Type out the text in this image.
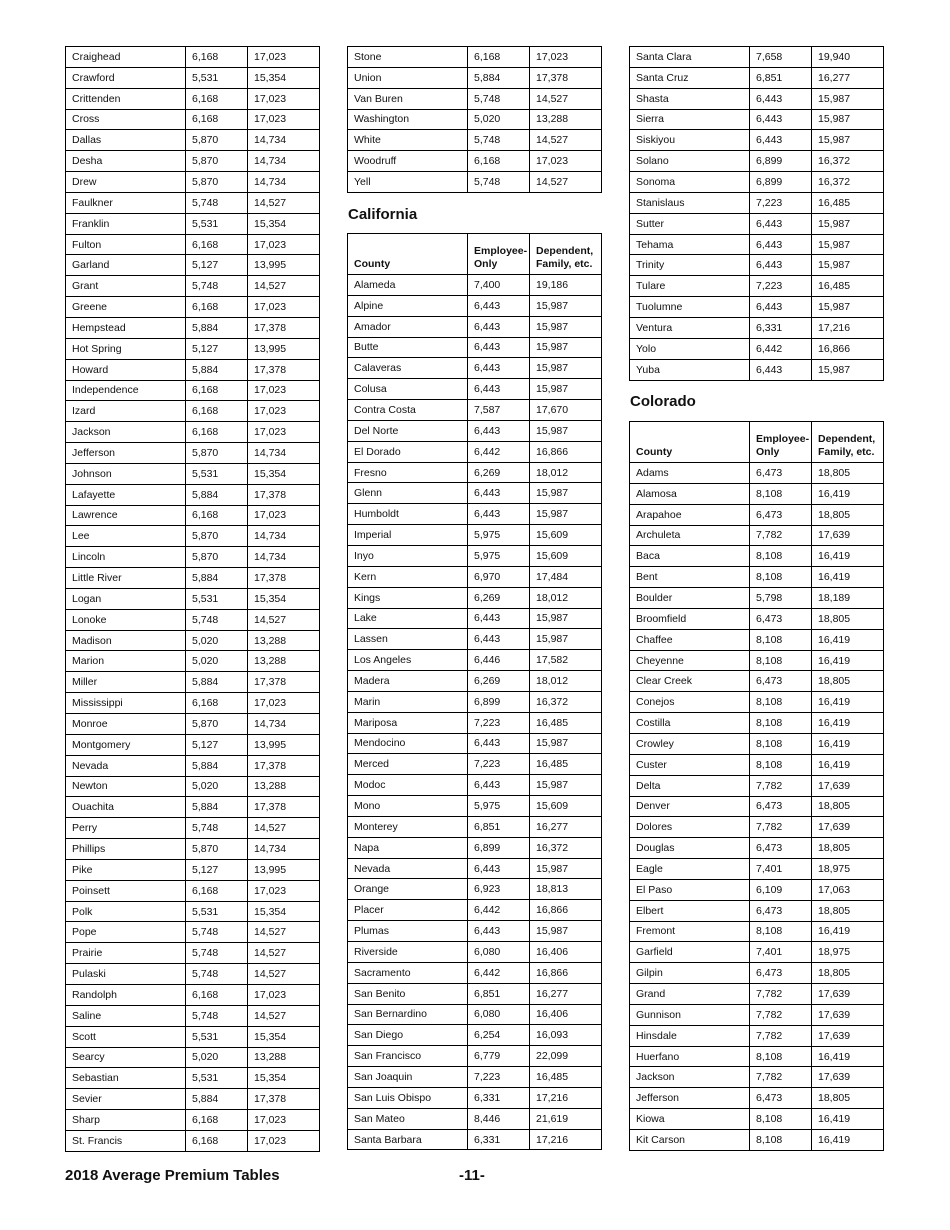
Craighead	6,168	17,023
Crawford	5,531	15,354
Crittenden	6,168	17,023
Cross	6,168	17,023
Dallas	5,870	14,734
Desha	5,870	14,734
Drew	5,870	14,734
Faulkner	5,748	14,527
Franklin	5,531	15,354
Fulton	6,168	17,023
Garland	5,127	13,995
Grant	5,748	14,527
Greene	6,168	17,023
Hempstead	5,884	17,378
Hot Spring	5,127	13,995
Howard	5,884	17,378
Independence	6,168	17,023
Izard	6,168	17,023
Jackson	6,168	17,023
Jefferson	5,870	14,734
Johnson	5,531	15,354
Lafayette	5,884	17,378
Lawrence	6,168	17,023
Lee	5,870	14,734
Lincoln	5,870	14,734
Little River	5,884	17,378
Logan	5,531	15,354
Lonoke	5,748	14,527
Madison	5,020	13,288
Marion	5,020	13,288
Miller	5,884	17,378
Mississippi	6,168	17,023
Monroe	5,870	14,734
Montgomery	5,127	13,995
Nevada	5,884	17,378
Newton	5,020	13,288
Ouachita	5,884	17,378
Perry	5,748	14,527
Phillips	5,870	14,734
Pike	5,127	13,995
Poinsett	6,168	17,023
Polk	5,531	15,354
Pope	5,748	14,527
Prairie	5,748	14,527
Pulaski	5,748	14,527
Randolph	6,168	17,023
Saline	5,748	14,527
Scott	5,531	15,354
Searcy	5,020	13,288
Sebastian	5,531	15,354
Sevier	5,884	17,378
Sharp	6,168	17,023
St. Francis	6,168	17,023
Stone	6,168	17,023
Union	5,884	17,378
Van Buren	5,748	14,527
Washington	5,020	13,288
White	5,748	14,527
Woodruff	6,168	17,023
Yell	5,748	14,527
California
County	Employee-Only	Dependent, Family, etc.
Alameda	7,400	19,186
Alpine	6,443	15,987
Amador	6,443	15,987
Butte	6,443	15,987
Calaveras	6,443	15,987
Colusa	6,443	15,987
Contra Costa	7,587	17,670
Del Norte	6,443	15,987
El Dorado	6,442	16,866
Fresno	6,269	18,012
Glenn	6,443	15,987
Humboldt	6,443	15,987
Imperial	5,975	15,609
Inyo	5,975	15,609
Kern	6,970	17,484
Kings	6,269	18,012
Lake	6,443	15,987
Lassen	6,443	15,987
Los Angeles	6,446	17,582
Madera	6,269	18,012
Marin	6,899	16,372
Mariposa	7,223	16,485
Mendocino	6,443	15,987
Merced	7,223	16,485
Modoc	6,443	15,987
Mono	5,975	15,609
Monterey	6,851	16,277
Napa	6,899	16,372
Nevada	6,443	15,987
Orange	6,923	18,813
Placer	6,442	16,866
Plumas	6,443	15,987
Riverside	6,080	16,406
Sacramento	6,442	16,866
San Benito	6,851	16,277
San Bernardino	6,080	16,406
San Diego	6,254	16,093
San Francisco	6,779	22,099
San Joaquin	7,223	16,485
San Luis Obispo	6,331	17,216
San Mateo	8,446	21,619
Santa Barbara	6,331	17,216
Santa Clara	7,658	19,940
Santa Cruz	6,851	16,277
Shasta	6,443	15,987
Sierra	6,443	15,987
Siskiyou	6,443	15,987
Solano	6,899	16,372
Sonoma	6,899	16,372
Stanislaus	7,223	16,485
Sutter	6,443	15,987
Tehama	6,443	15,987
Trinity	6,443	15,987
Tulare	7,223	16,485
Tuolumne	6,443	15,987
Ventura	6,331	17,216
Yolo	6,442	16,866
Yuba	6,443	15,987
Colorado
County	Employee-Only	Dependent, Family, etc.
Adams	6,473	18,805
Alamosa	8,108	16,419
Arapahoe	6,473	18,805
Archuleta	7,782	17,639
Baca	8,108	16,419
Bent	8,108	16,419
Boulder	5,798	18,189
Broomfield	6,473	18,805
Chaffee	8,108	16,419
Cheyenne	8,108	16,419
Clear Creek	6,473	18,805
Conejos	8,108	16,419
Costilla	8,108	16,419
Crowley	8,108	16,419
Custer	8,108	16,419
Delta	7,782	17,639
Denver	6,473	18,805
Dolores	7,782	17,639
Douglas	6,473	18,805
Eagle	7,401	18,975
El Paso	6,109	17,063
Elbert	6,473	18,805
Fremont	8,108	16,419
Garfield	7,401	18,975
Gilpin	6,473	18,805
Grand	7,782	17,639
Gunnison	7,782	17,639
Hinsdale	7,782	17,639
Huerfano	8,108	16,419
Jackson	7,782	17,639
Jefferson	6,473	18,805
Kiowa	8,108	16,419
Kit Carson	8,108	16,419
2018 Average Premium Tables	-11-
